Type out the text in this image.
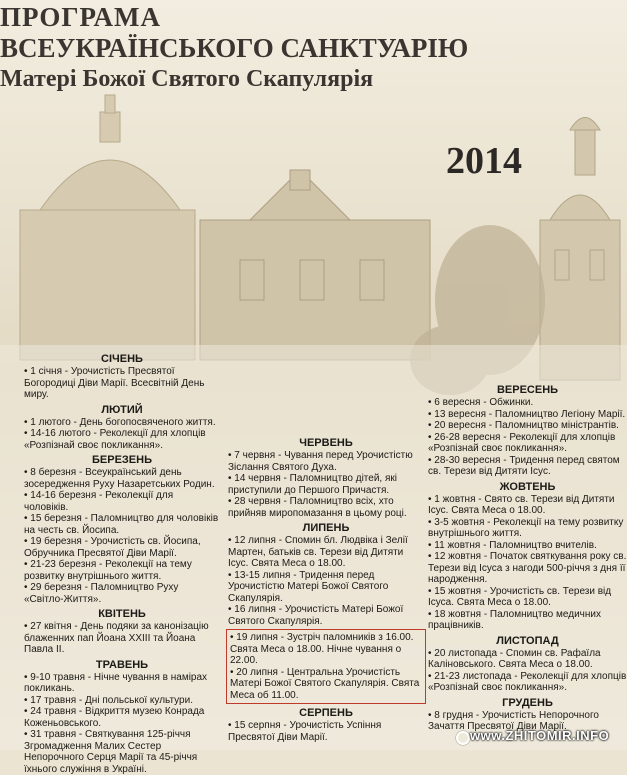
ПРОГРАМА
ВСЕУКРАЇНСЬКОГО САНКТУАРІЮ
Матері Божої Святого Скапулярія
2014
СІЧЕНЬ

• 1 січня - Урочистість Пресвятої Богородиці Діви Марії. Всесвітній День миру.

ЛЮТИЙ

• 1 лютого - День богопосвяченого життя.

• 14-16 лютого - Реколекції для хлопців «Розпізнай своє покликання».

БЕРЕЗЕНЬ

• 8 березня - Всеукраїнський день зосередження Руху Назаретських Родин.

• 14-16 березня - Реколекції для чоловіків.

• 15 березня - Паломництво для чоловіків на честь св. Йосипа.

• 19 березня - Урочистість св. Йосипа, Обручника Пресвятої Діви Марії.

• 21-23 березня - Реколекції на тему розвитку внутрішнього життя.

• 29 березня - Паломництво Руху «Світло-Життя».

КВІТЕНЬ

• 27 квітня - День подяки за канонізацію блаженних пап Йоана ХХІІІ та Йоана Павла ІІ.

ТРАВЕНЬ

• 9-10 травня - Нічне чування в намірах покликань.

• 17 травня - Дні польської культури.

• 24 травня - Відкриття музею Конрада Коженьовського.

• 31 травня - Святкування 125-річчя Згромадження Малих Сестер Непорочного Серця Марії та 45-річчя їхнього служіння в Україні.

ЧЕРВЕНЬ

• 7 червня - Чування перед Урочистістю Зіслання Святого Духа.

• 14 червня - Паломництво дітей, які приступили до Першого Причастя.

• 28 червня - Паломництво всіх, хто прийняв миропомазання в цьому році.

ЛИПЕНЬ

• 12 липня - Спомин бл. Людвіка і Зелії Мартен, батьків св. Терези від Дитяти Ісус. Свята Меса о 18.00.

• 13-15 липня - Тридення перед Урочистістю Матері Божої Святого Скапулярія.

• 16 липня - Урочистість Матері Божої Святого Скапулярія.

• 19 липня - Зустріч паломників з 16.00. Свята Меса о 18.00. Нічне чування о 22.00.

• 20 липня - Центральна Урочистість Матері Божої Святого Скапулярія. Свята Меса об 11.00.

СЕРПЕНЬ

• 15 серпня - Урочистість Успіння Пресвятої Діви Марії.

ВЕРЕСЕНЬ

• 6 вересня - Обжинки.

• 13 вересня - Паломництво Легіону Марії.

• 20 вересня - Паломництво міністрантів.

• 26-28 вересня - Реколекції для хлопців «Розпізнай своє покликання».

• 28-30 вересня - Тридення перед святом св. Терези від Дитяти Ісус.

ЖОВТЕНЬ

• 1 жовтня - Свято св. Терези від Дитяти Ісус. Свята Меса о 18.00.

• 3-5 жовтня - Реколекції на тему розвитку внутрішнього життя.

• 11 жовтня - Паломництво вчителів.

• 12 жовтня - Початок святкування року св. Терези від Ісуса з нагоди 500-річчя з дня її народження.

• 15 жовтня - Урочистість св. Терези від Ісуса. Свята Меса о 18.00.

• 18 жовтня - Паломництво медичних працівників.

ЛИСТОПАД

• 20 листопада - Спомин св. Рафаїла Каліновського. Свята Меса о 18.00.

• 21-23 листопада - Реколекції для хлопців «Розпізнай своє покликання».

ГРУДЕНЬ

• 8 грудня - Урочистість Непорочного Зачаття Пресвятої Діви Марії.

www.ZHITOMIR.INFO
